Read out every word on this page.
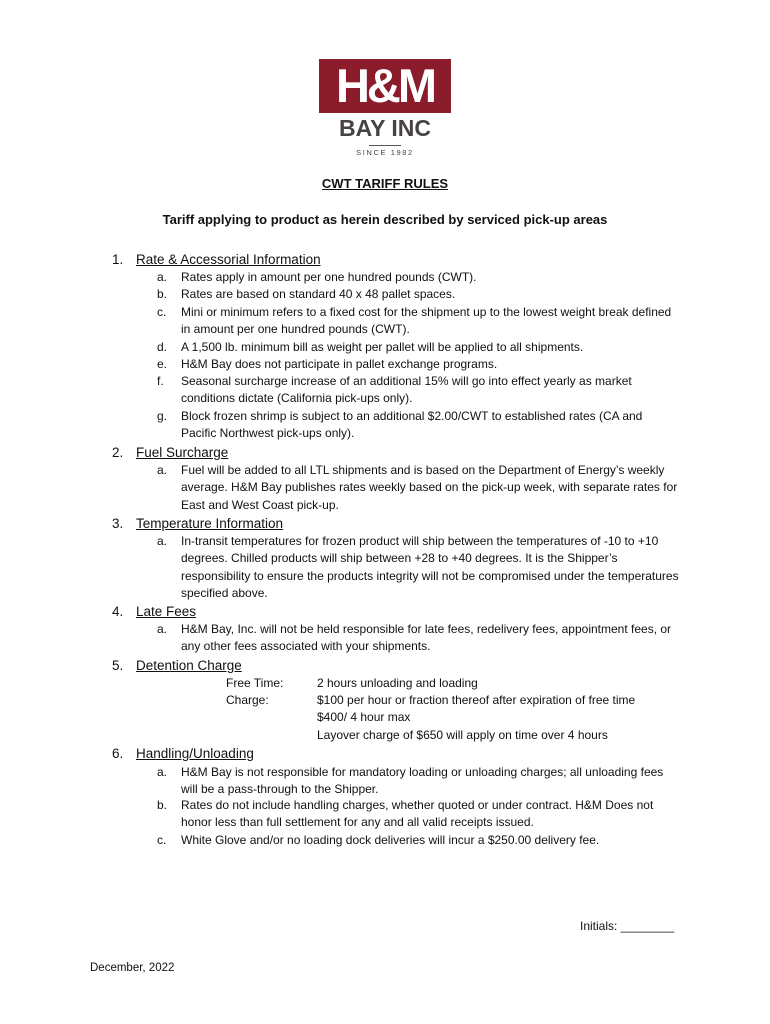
H&M
BAY INC
SINCE 1982
CWT TARIFF RULES
Tariff applying to product as herein described by serviced pick-up areas
1. Rate & Accessorial Information
a. Rates apply in amount per one hundred pounds (CWT).
b. Rates are based on standard 40 x 48 pallet spaces.
c. Mini or minimum refers to a fixed cost for the shipment up to the lowest weight break defined in amount per one hundred pounds (CWT).
d. A 1,500 lb. minimum bill as weight per pallet will be applied to all shipments.
e. H&M Bay does not participate in pallet exchange programs.
f. Seasonal surcharge increase of an additional 15% will go into effect yearly as market conditions dictate (California pick-ups only).
g. Block frozen shrimp is subject to an additional $2.00/CWT to established rates (CA and Pacific Northwest pick-ups only).
2. Fuel Surcharge
a. Fuel will be added to all LTL shipments and is based on the Department of Energy’s weekly average. H&M Bay publishes rates weekly based on the pick-up week, with separate rates for East and West Coast pick-up.
3. Temperature Information
a. In-transit temperatures for frozen product will ship between the temperatures of -10 to +10 degrees. Chilled products will ship between +28 to +40 degrees. It is the Shipper’s responsibility to ensure the products integrity will not be compromised under the temperatures specified above.
4. Late Fees
a. H&M Bay, Inc. will not be held responsible for late fees, redelivery fees, appointment fees, or any other fees associated with your shipments.
5. Detention Charge
Free Time:	2 hours unloading and loading
Charge:	$100 per hour or fraction thereof after expiration of free time
$400/ 4 hour max
Layover charge of $650 will apply on time over 4 hours
6. Handling/Unloading
a. H&M Bay is not responsible for mandatory loading or unloading charges; all unloading fees will be a pass-through to the Shipper.
b. Rates do not include handling charges, whether quoted or under contract. H&M Does not honor less than full settlement for any and all valid receipts issued.
c. White Glove and/or no loading dock deliveries will incur a $250.00 delivery fee.
Initials: ________
December, 2022
